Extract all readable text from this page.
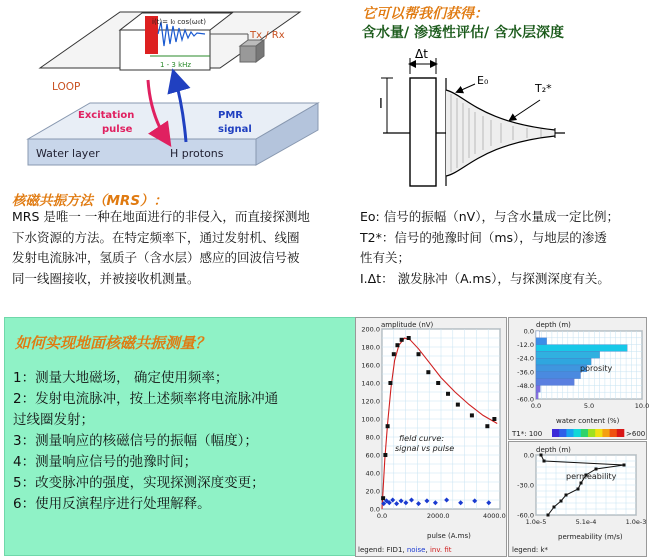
i(t)= I₀ cos(ω₀t)
1 - 3 kHz
Tx / Rx
LOOP
Excitation
pulse
PMR
signal
Water layer	H protons
它可以帮我们获得：
含水量/ 渗透性评估/ 含水层深度
Δt
I
E₀
T₂*
核磁共振方法（MRS）：
MRS 是唯一 一种在地面进行的非侵入，而直接探测地
下水资源的方法。在特定频率下，通过发射机、线圈
发射电流脉冲，氢质子（含水层）感应的回波信号被
同一线圈接收，并被接收机测量。
Eo: 信号的振幅（nV），与含水量成一定比例；
T2*：信号的弛豫时间（ms），与地层的渗透
性有关；
I.Δt： 激发脉冲（A.ms），与探测深度有关。
如何实现地面核磁共振测量？
1：测量大地磁场， 确定使用频率；
2：发射电流脉冲，按上述频率将电流脉冲通
过线圈发射；
3：测量响应的核磁信号的振幅（幅度）；
4：测量响应信号的弛豫时间；
5：改变脉冲的强度，实现探测深度变更；
6：使用反演程序进行处理解释。
amplitude (nV)
200.0
180.0
160.0
140.0
120.0
100.0
80.0
60.0
40.0
20.0
0.0
0.0	2000.0	4000.0
field curve:
signal vs pulse
pulse (A.ms)
legend: FID1, noise, inv. fit
depth (m)
0.0
-12.0
-24.0
-36.0
-48.0
-60.0
0.0	5.0	10.0
porosity
water content (%)
T1*: 100	>600
depth (m)
0.0
-30.0
-60.0
1.0e-5	5.1e-4	1.0e-3
permeability
permeability (m/s)
legend: k*
